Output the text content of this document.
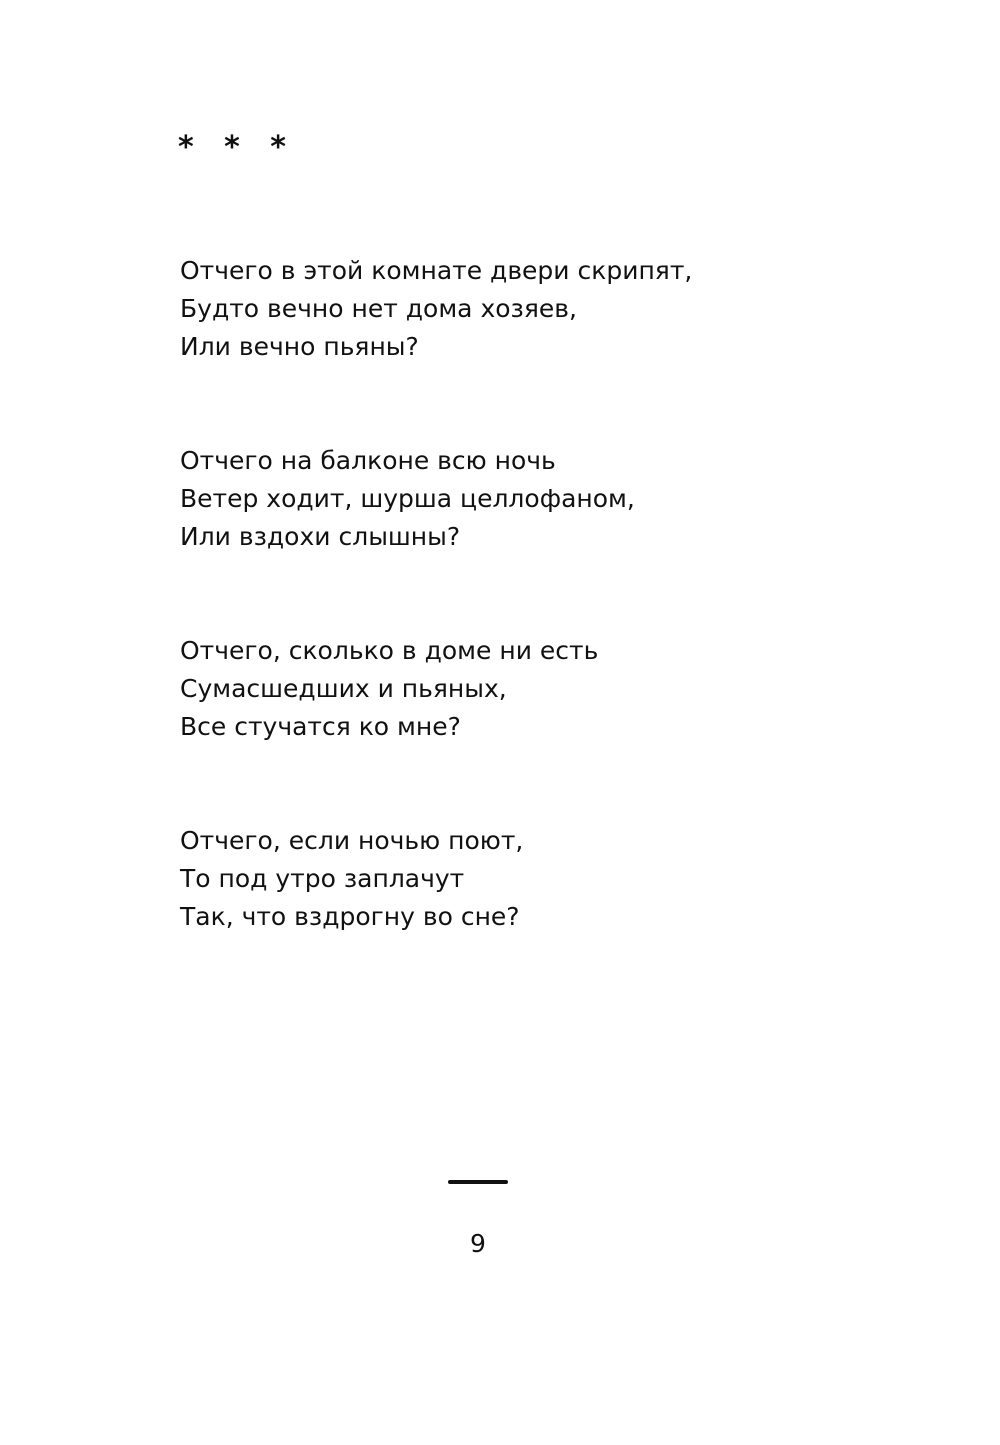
* * *
Отчего в этой комнате двери скрипят,
Будто вечно нет дома хозяев,
Или вечно пьяны?
Отчего на балконе всю ночь
Ветер ходит, шурша целлофаном,
Или вздохи слышны?
Отчего, сколько в доме ни есть
Сумасшедших и пьяных,
Все стучатся ко мне?
Отчего, если ночью поют,
То под утро заплачут
Так, что вздрогну во сне?
9
